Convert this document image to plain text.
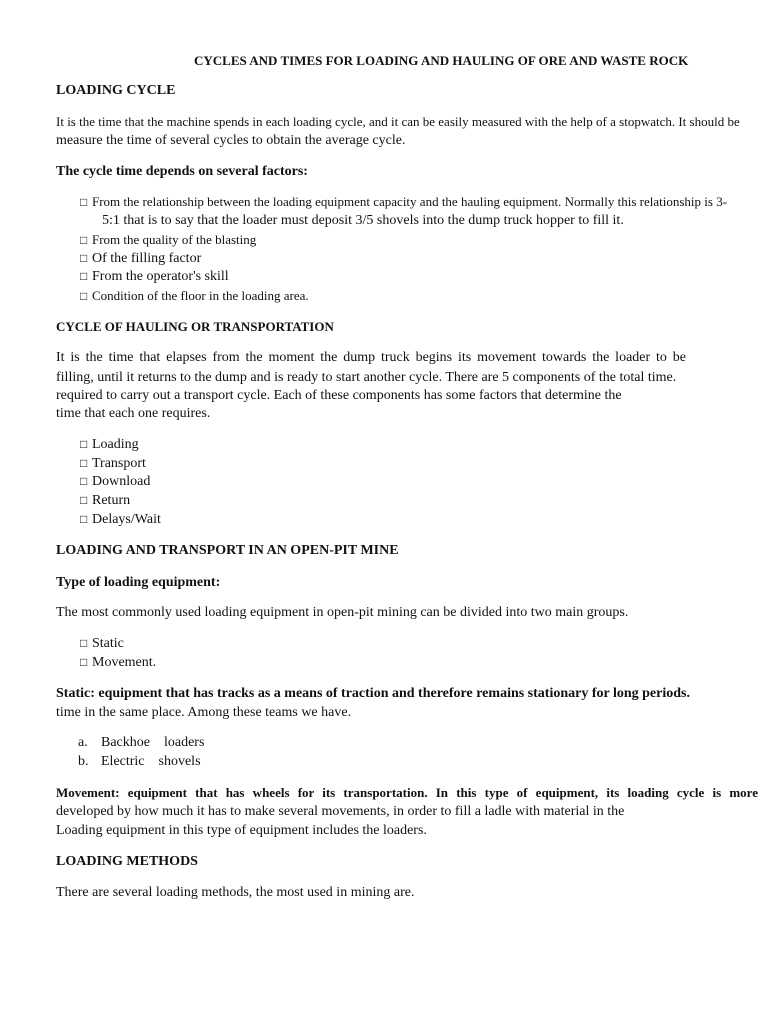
CYCLES AND TIMES FOR LOADING AND HAULING OF ORE AND WASTE ROCK
LOADING CYCLE
It is the time that the machine spends in each loading cycle, and it can be easily measured with the help of a stopwatch. It should be
measure the time of several cycles to obtain the average cycle.
The cycle time depends on several factors:
□ From the relationship between the loading equipment capacity and the hauling equipment. Normally this relationship is 3-
5:1 that is to say that the loader must deposit 3/5 shovels into the dump truck hopper to fill it.
□ From the quality of the blasting
□ Of the filling factor
□ From the operator's skill
□ Condition of the floor in the loading area.
CYCLE OF HAULING OR TRANSPORTATION
It is the time that elapses from the moment the dump truck begins its movement towards the loader to be
filling, until it returns to the dump and is ready to start another cycle. There are 5 components of the total time.
required to carry out a transport cycle. Each of these components has some factors that determine the
time that each one requires.
□ Loading
□ Transport
□ Download
□ Return
□ Delays/Wait
LOADING AND TRANSPORT IN AN OPEN-PIT MINE
Type of loading equipment:
The most commonly used loading equipment in open-pit mining can be divided into two main groups.
□ Static
□ Movement.
Static: equipment that has tracks as a means of traction and therefore remains stationary for long periods.
time in the same place. Among these teams we have.
a. Backhoe    loaders
b. Electric    shovels
Movement: equipment that has wheels for its transportation. In this type of equipment, its loading cycle is more
developed by how much it has to make several movements, in order to fill a ladle with material in the
Loading equipment in this type of equipment includes the loaders.
LOADING METHODS
There are several loading methods, the most used in mining are.
